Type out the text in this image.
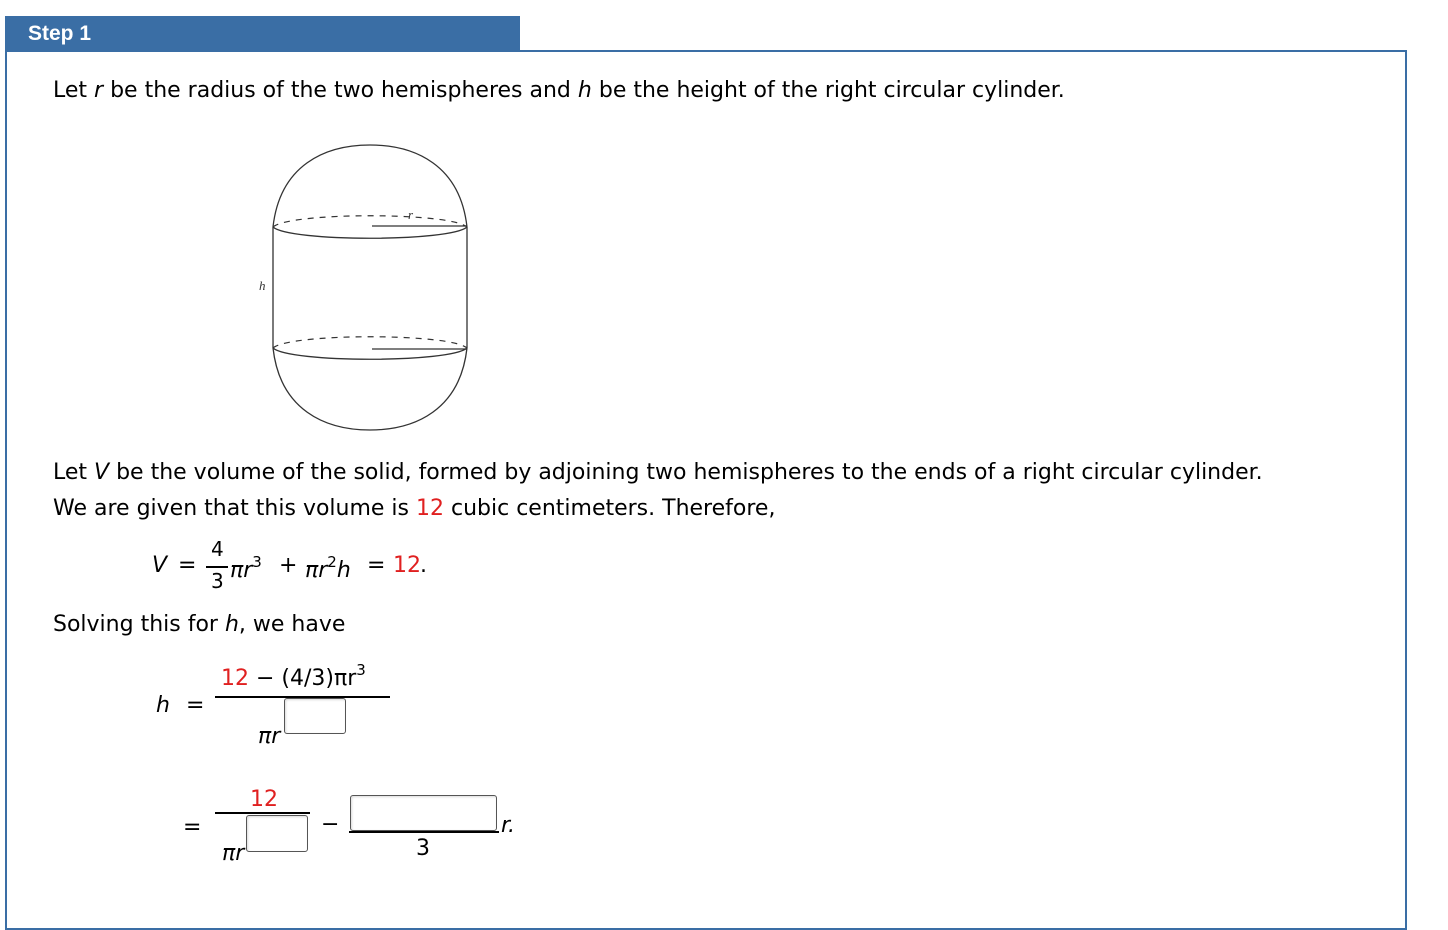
Step 1
Let r be the radius of the two hemispheres and h be the height of the right circular cylinder.
r
h
Let V be the volume of the solid, formed by adjoining two hemispheres to the ends of a right circular cylinder.
We are given that this volume is 12 cubic centimeters. Therefore,
V =
4
3 $\pi r^3 + \pi r^2h = 12$ .
Solving this for h, we have
h =
$12 - (4/3)\pi r^3$
πr
=
12
πr
−
3
r.
